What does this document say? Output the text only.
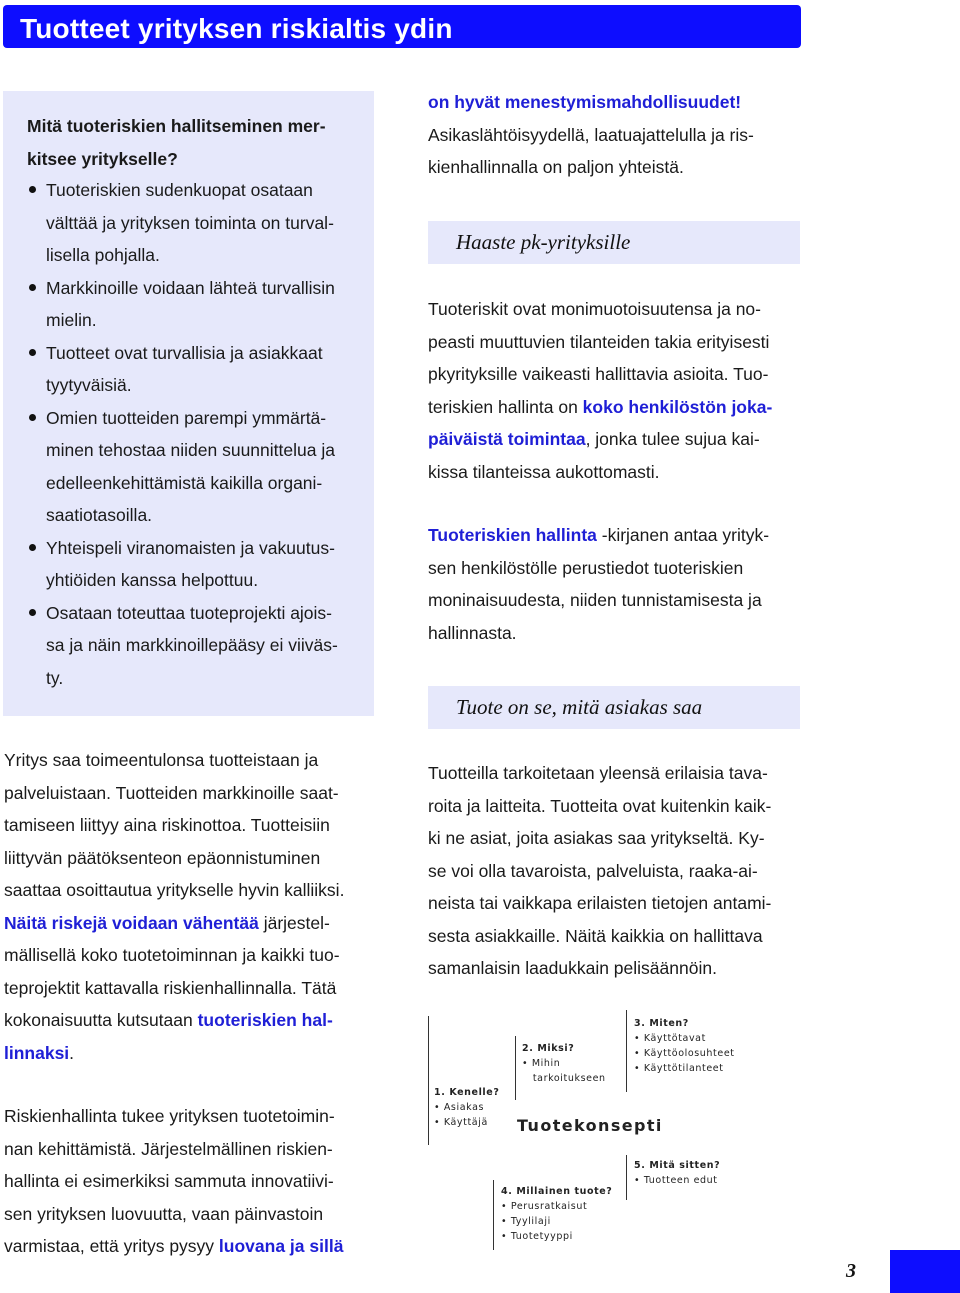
Tuotteet yrityksen riskialtis ydin
Mitä tuoteriskien hallitseminen mer-
kitsee yritykselle?
Tuoteriskien sudenkuopat osataan
välttää ja yrityksen toiminta on turval-
lisella pohjalla.
Markkinoille voidaan lähteä turvallisin
mielin.
Tuotteet ovat turvallisia ja asiakkaat
tyytyväisiä.
Omien tuotteiden parempi ymmärtä-
minen tehostaa niiden suunnittelua ja
edelleenkehittämistä kaikilla organi-
saatiotasoilla.
Yhteispeli viranomaisten ja vakuutus-
yhtiöiden kanssa helpottuu.
Osataan toteuttaa tuoteprojekti ajois-
sa ja näin markkinoillepääsy ei viiväs-
ty.
Yritys saa toimeentulonsa tuotteistaan ja
palveluistaan. Tuotteiden markkinoille saat-
tamiseen liittyy aina riskinottoa. Tuotteisiin
liittyvän päätöksenteon epäonnistuminen
saattaa osoittautua yritykselle hyvin kalliiksi.
Näitä riskejä voidaan vähentää järjestel-
mällisellä koko tuotetoiminnan ja kaikki tuo-
teprojektit kattavalla riskienhallinnalla. Tätä
kokonaisuutta kutsutaan tuoteriskien hal-
linnaksi.
Riskienhallinta tukee yrityksen tuotetoimin-
nan kehittämistä. Järjestelmällinen riskien-
hallinta ei esimerkiksi sammuta innovatiivi-
sen yrityksen luovuutta, vaan päinvastoin
varmistaa, että yritys pysyy luovana ja sillä
on hyvät menestymismahdollisuudet!
Asikaslähtöisyydellä, laatuajattelulla ja ris-
kienhallinnalla on paljon yhteistä.
Haaste pk-yrityksille
Tuoteriskit ovat monimuotoisuutensa ja no-
peasti muuttuvien tilanteiden takia erityisesti
pkyrityksille vaikeasti hallittavia asioita. Tuo-
teriskien hallinta on koko henkilöstön joka-
päiväistä toimintaa, jonka tulee sujua kai-
kissa tilanteissa aukottomasti.
Tuoteriskien hallinta -kirjanen antaa yrityk-
sen henkilöstölle perustiedot tuoteriskien
moninaisuudesta, niiden tunnistamisesta ja
hallinnasta.
Tuote on se, mitä asiakas saa
Tuotteilla tarkoitetaan yleensä erilaisia tava-
roita ja laitteita. Tuotteita ovat kuitenkin kaik-
ki ne asiat, joita asiakas saa yritykseltä. Ky-
se voi olla tavaroista, palveluista, raaka-ai-
neista tai vaikkapa erilaisten tietojen antami-
sesta asiakkaille. Näitä kaikkia on hallittava
samanlaisin laadukkain pelisäännöin.
1. Kenelle?
• Asiakas
• Käyttäjä
2. Miksi?
• Mihin
tarkoitukseen
3. Miten?
• Käyttötavat
• Käyttöolosuhteet
• Käyttötilanteet
Tuotekonsepti
4. Millainen tuote?
• Perusratkaisut
• Tyylilaji
• Tuotetyyppi
5. Mitä sitten?
• Tuotteen edut
3
